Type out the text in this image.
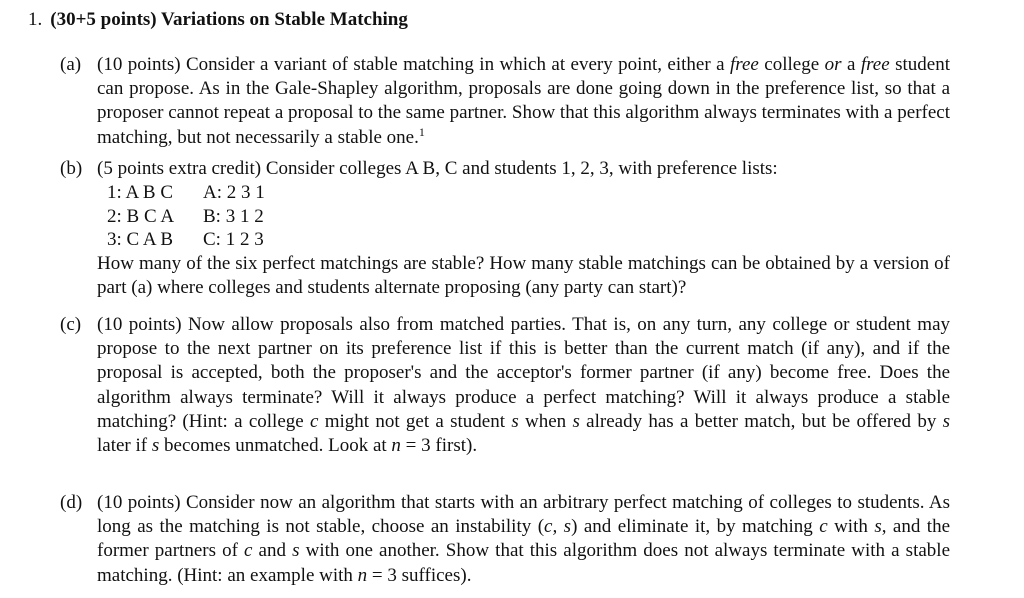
1. (30+5 points) Variations on Stable Matching
(a) (10 points) Consider a variant of stable matching in which at every point, either a free college or a free student can propose. As in the Gale-Shapley algorithm, proposals are done going down in the preference list, so that a proposer cannot repeat a proposal to the same partner. Show that this algorithm always terminates with a perfect matching, but not necessarily a stable one.$^1$
(b) (5 points extra credit) Consider colleges A B, C and students 1, 2, 3, with preference lists:
1: A B C A: 2 3 1
2: B C A B: 3 1 2
3: C A B C: 1 2 3
How many of the six perfect matchings are stable? How many stable matchings can be obtained by a version of part (a) where colleges and students alternate proposing (any party can start)?
(c) (10 points) Now allow proposals also from matched parties. That is, on any turn, any college or student may propose to the next partner on its preference list if this is better than the current match (if any), and if the proposal is accepted, both the proposer's and the acceptor's former partner (if any) become free. Does the algorithm always terminate? Will it always produce a perfect matching? Will it always produce a stable matching? (Hint: a college c might not get a student s when s already has a better match, but be offered by s later if s becomes unmatched. Look at n = 3 first).
(d) (10 points) Consider now an algorithm that starts with an arbitrary perfect matching of colleges to students. As long as the matching is not stable, choose an instability (c, s) and eliminate it, by matching c with s, and the former partners of c and s with one another. Show that this algorithm does not always terminate with a stable matching. (Hint: an example with n = 3 suffices).
